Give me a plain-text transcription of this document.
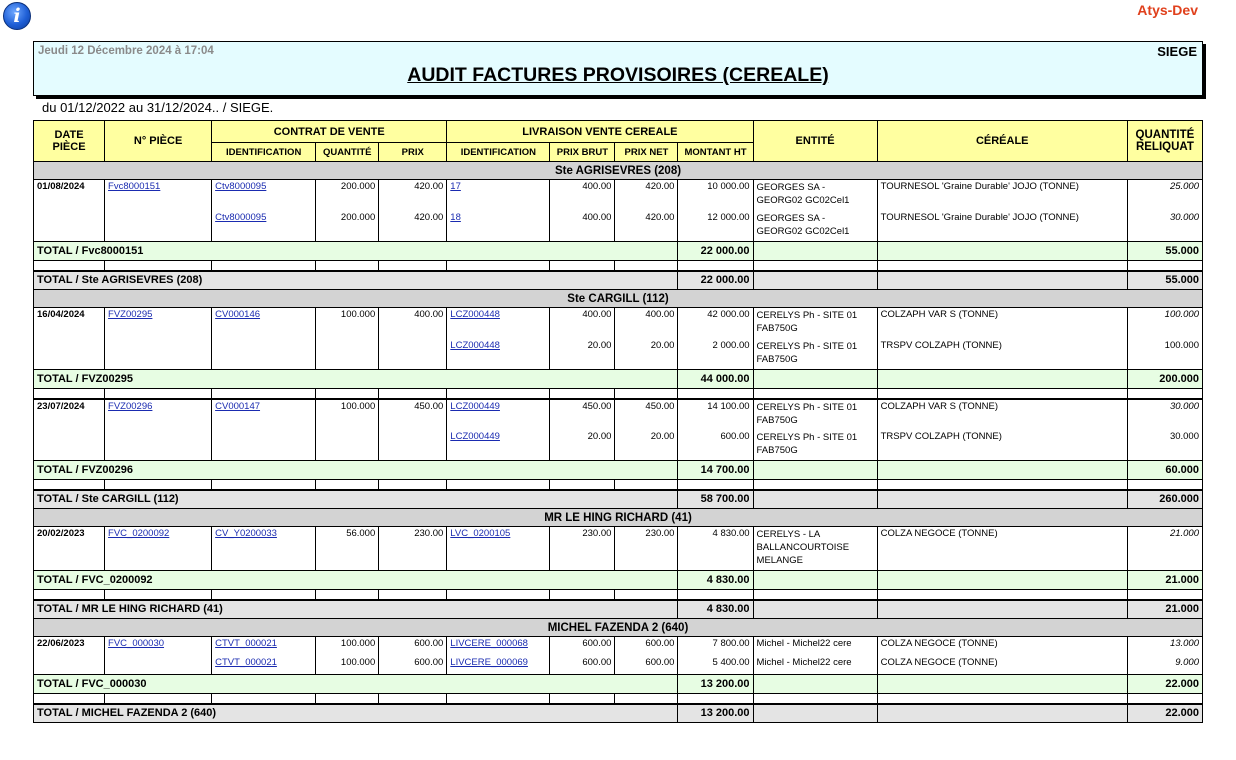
i	Atys-Dev
Jeudi 12 Décembre 2024 à 17:04	SIEGE
AUDIT FACTURES PROVISOIRES (CEREALE)
du 01/12/2022 au 31/12/2024.. / SIEGE.
DATE PIÈCE	N° PIÈCE	CONTRAT DE VENTE			LIVRAISON VENTE CEREALE				ENTITÉ	CÉRÉALE	QUANTITÉ RELIQUAT
		IDENTIFICATION	QUANTITÉ	PRIX	IDENTIFICATION	PRIX BRUT	PRIX NET	MONTANT HT			
Ste AGRISEVRES (208)											
01/08/2024	Fvc8000151	Ctv8000095	200.000	420.00	17	400.00	420.00	10 000.00	GEORGES SA - GEORG02 GC02Cel1	TOURNESOL 'Graine Durable' JOJO (TONNE)	25.000
		Ctv8000095	200.000	420.00	18	400.00	420.00	12 000.00	GEORGES SA - GEORG02 GC02Cel1	TOURNESOL 'Graine Durable' JOJO (TONNE)	30.000
TOTAL / Fvc8000151								22 000.00			55.000

TOTAL / Ste AGRISEVRES (208)								22 000.00			55.000
Ste CARGILL (112)											
16/04/2024	FVZ00295	CV000146	100.000	400.00	LCZ000448	400.00	400.00	42 000.00	CERELYS Ph - SITE 01 FAB750G	COLZAPH VAR S (TONNE)	100.000
					LCZ000448	20.00	20.00	2 000.00	CERELYS Ph - SITE 01 FAB750G	TRSPV COLZAPH (TONNE)	100.000
TOTAL / FVZ00295								44 000.00			200.000

23/07/2024	FVZ00296	CV000147	100.000	450.00	LCZ000449	450.00	450.00	14 100.00	CERELYS Ph - SITE 01 FAB750G	COLZAPH VAR S (TONNE)	30.000
					LCZ000449	20.00	20.00	600.00	CERELYS Ph - SITE 01 FAB750G	TRSPV COLZAPH (TONNE)	30.000
TOTAL / FVZ00296								14 700.00			60.000

TOTAL / Ste CARGILL (112)								58 700.00			260.000
MR LE HING RICHARD (41)											
20/02/2023	FVC_0200092	CV_Y0200033	56.000	230.00	LVC_0200105	230.00	230.00	4 830.00	CERELYS - LA BALLANCOURTOISE MELANGE	COLZA NEGOCE (TONNE)	21.000
TOTAL / FVC_0200092								4 830.00			21.000

TOTAL / MR LE HING RICHARD (41)								4 830.00			21.000
MICHEL FAZENDA 2 (640)											
22/06/2023	FVC_000030	CTVT_000021	100.000	600.00	LIVCERE_000068	600.00	600.00	7 800.00	Michel - Michel22 cere	COLZA NEGOCE (TONNE)	13.000
		CTVT_000021	100.000	600.00	LIVCERE_000069	600.00	600.00	5 400.00	Michel - Michel22 cere	COLZA NEGOCE (TONNE)	9.000
TOTAL / FVC_000030								13 200.00			22.000

TOTAL / MICHEL FAZENDA 2 (640)								13 200.00			22.000
